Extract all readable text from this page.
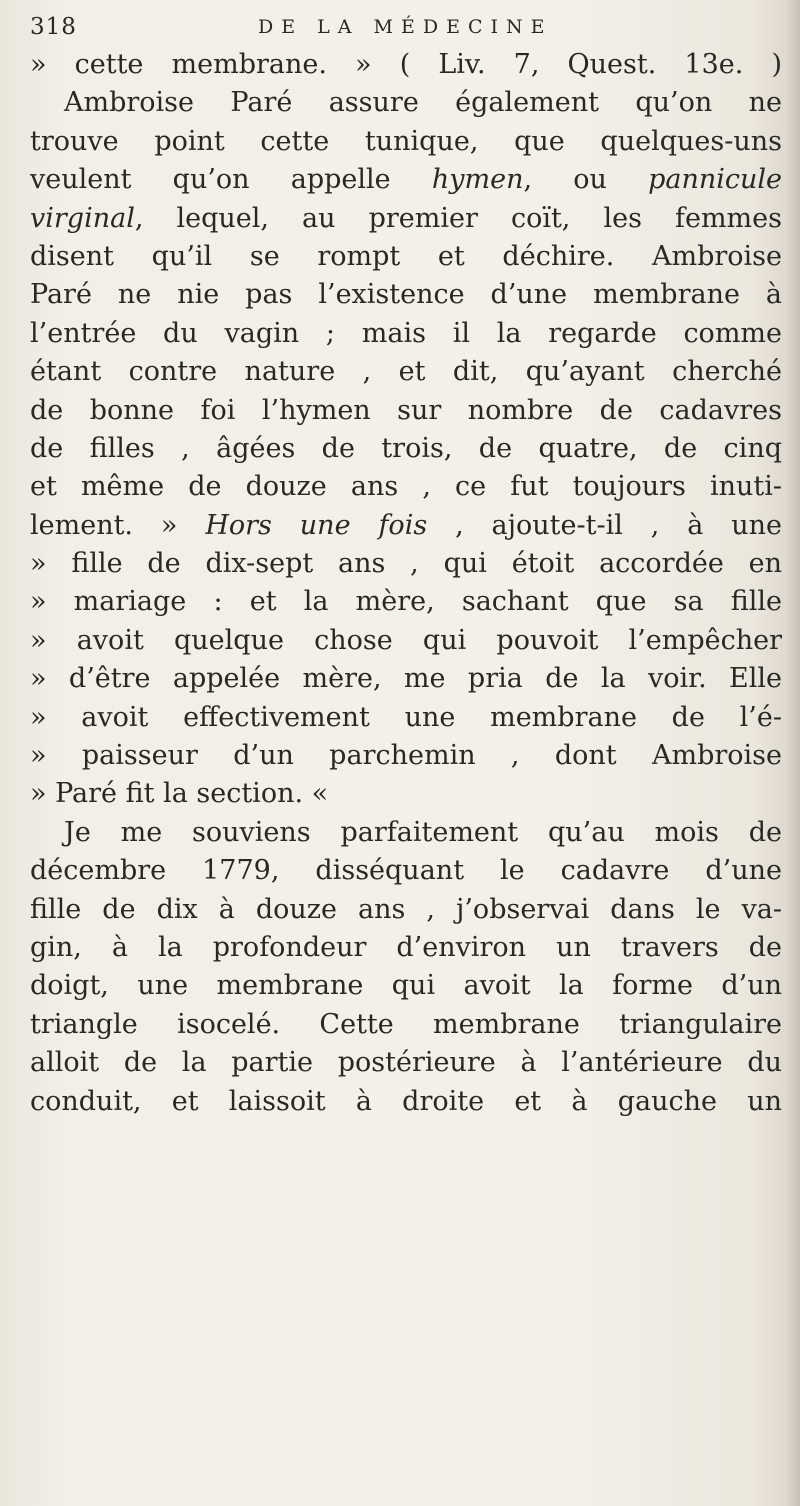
318	DE LA MÉDECINE
» cette membrane. » ( Liv. 7, Quest. 13e. )
Ambroise Paré assure également qu’on ne
trouve point cette tunique, que quelques-uns
veulent qu’on appelle hymen, ou pannicule
virginal, lequel, au premier coït, les femmes
disent qu’il se rompt et déchire. Ambroise
Paré ne nie pas l’existence d’une membrane à
l’entrée du vagin ; mais il la regarde comme
étant contre nature , et dit, qu’ayant cherché
de bonne foi l’hymen sur nombre de cadavres
de filles , âgées de trois, de quatre, de cinq
et même de douze ans , ce fut toujours inuti-
lement. » Hors une fois , ajoute-t-il , à une
» fille de dix-sept ans , qui étoit accordée en
» mariage : et la mère, sachant que sa fille
» avoit quelque chose qui pouvoit l’empêcher
» d’être appelée mère, me pria de la voir. Elle
» avoit effectivement une membrane de l’é-
» paisseur d’un parchemin , dont Ambroise
» Paré fit la section. «
Je me souviens parfaitement qu’au mois de
décembre 1779, disséquant le cadavre d’une
fille de dix à douze ans , j’observai dans le va-
gin, à la profondeur d’environ un travers de
doigt, une membrane qui avoit la forme d’un
triangle isocelé. Cette membrane triangulaire
alloit de la partie postérieure à l’antérieure du
conduit, et laissoit à droite et à gauche un
